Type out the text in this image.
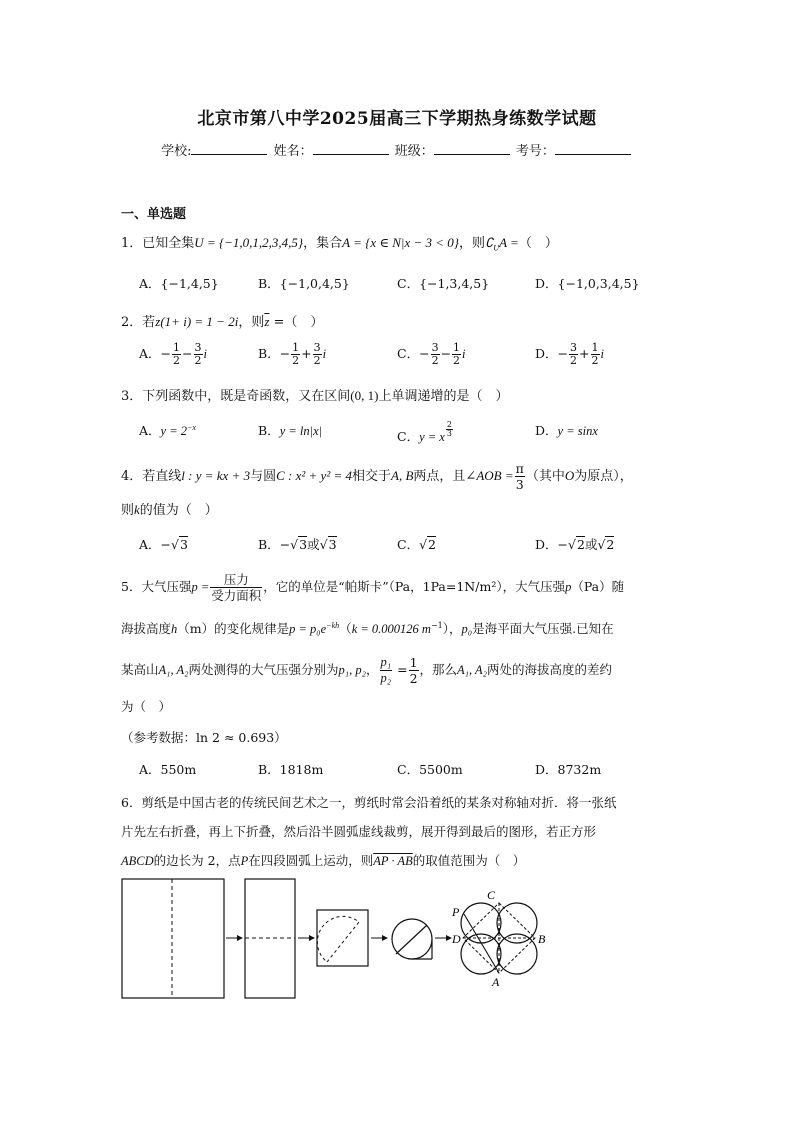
北京市第八中学2025届高三下学期热身练数学试题
学校:	姓名：	班级：	考号：
一、单选题
1．已知全集U = {−1,0,1,2,3,4,5}，集合A = {x ∈ N|x − 3 < 0}，则$∁_UA$ =（　）
A．{−1,4,5}	B．{−1,0,4,5}	C．{−1,3,4,5}	D．{−1,0,3,4,5}
2．若z(1+ i) = 1 − 2i，则$\overline{z}$ =（　）
A．− $\frac{1}{2} - \frac{3}{2}$ i	B．− $\frac{1}{2} + \frac{3}{2}$ i	C．− $\frac{3}{2} - \frac{1}{2}$ i	D．− $\frac{3}{2} + \frac{1}{2}$ i
3．下列函数中，既是奇函数，又在区间(0, 1)上单调递增的是（　）
A．$y = 2^{-x}$	B．y = ln|x|	C．y = x $\frac{2}{3}$	D．y = sinx
4．若直线l : y = kx + 3与圆C : x² + y² = 4相交于A, B两点，且∠AOB = $\frac{\pi}{3}$ （其中O为原点），
则k的值为（　）
A．−√3	B．−√3或√3	C．√2	D．−√2或√2
5．大气压强$p = \frac{\text{压力}}{\text{受力面积}}$ ，它的单位是“帕斯卡”（Pa，1Pa=1N/m²），大气压强p（Pa）随
海拔高度h（m）的变化规律是$p = p_0e^{-kh}(k = 0.000126$ $m^{-1}$），p₀是海平面大气压强.已知在
某高山A₁, A₂两处测得的大气压强分别为p₁, p₂， $\frac{\text{p₁}}{\text{p₂}} = \frac{1}{2}$ ，那么A₁, A₂两处的海拔高度的差约
为（　）
（参考数据：ln 2 ≈ 0.693）
A．550m	B．1818m	C．5500m	D．8732m
6．剪纸是中国古老的传统民间艺术之一，剪纸时常会沿着纸的某条对称轴对折．将一张纸
片先左右折叠，再上下折叠，然后沿半圆弧虚线裁剪，展开得到最后的图形，若正方形
ABCD的边长为 2，点P在四段圆弧上运动，则AP · AB的取值范围为（　）
C
P
D	B
A
